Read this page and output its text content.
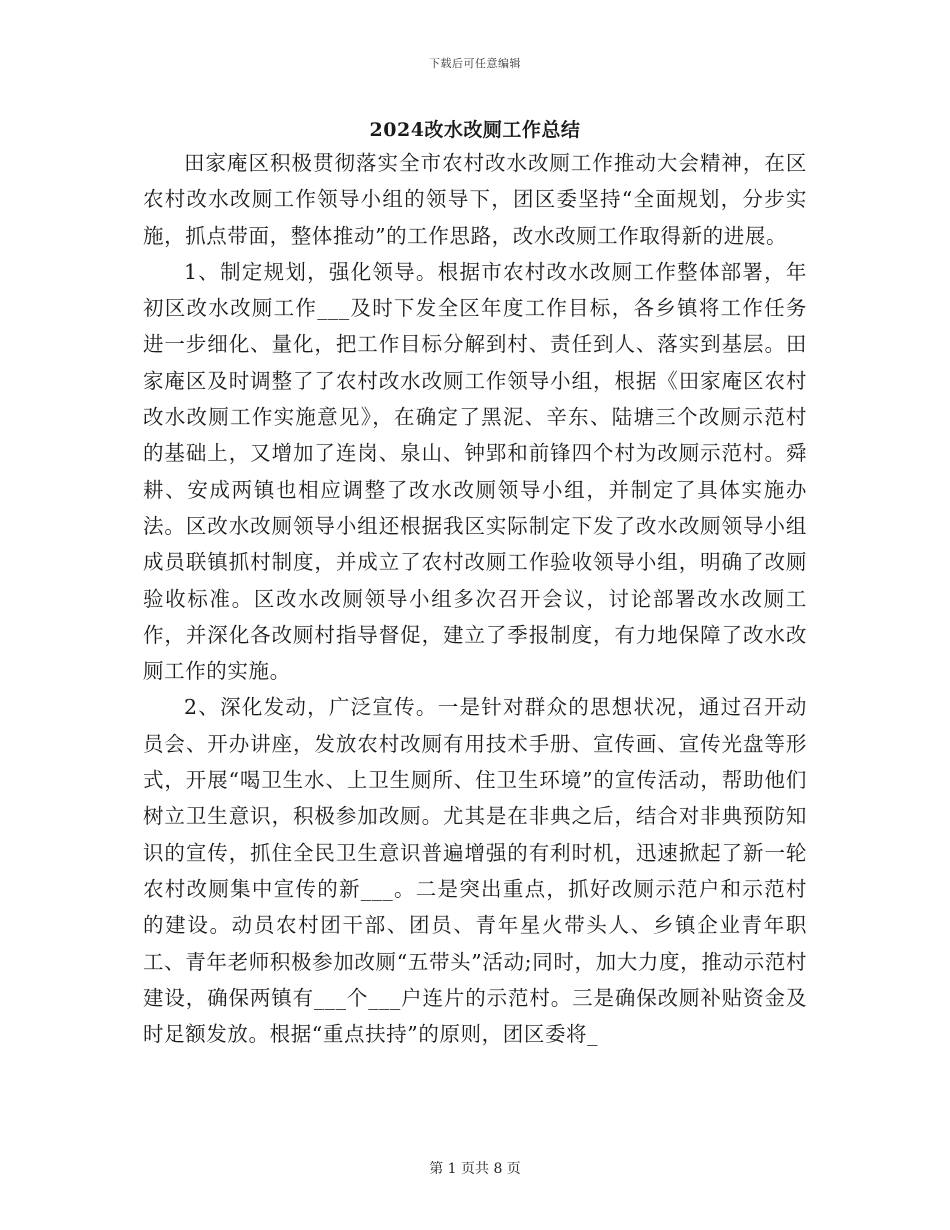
下载后可任意编辑
2024改水改厕工作总结

田家庵区积极贯彻落实全市农村改水改厕工作推动大会精神，在区农村改水改厕工作领导小组的领导下，团区委坚持“全面规划，分步实施，抓点带面，整体推动”的工作思路，改水改厕工作取得新的进展。

1、制定规划，强化领导。根据市农村改水改厕工作整体部署，年初区改水改厕工作___及时下发全区年度工作目标，各乡镇将工作任务进一步细化、量化，把工作目标分解到村、责任到人、落实到基层。田家庵区及时调整了了农村改水改厕工作领导小组，根据《田家庵区农村改水改厕工作实施意见》，在确定了黑泥、辛东、陆塘三个改厕示范村的基础上，又增加了连岗、泉山、钟郢和前锋四个村为改厕示范村。舜耕、安成两镇也相应调整了改水改厕领导小组，并制定了具体实施办法。区改水改厕领导小组还根据我区实际制定下发了改水改厕领导小组成员联镇抓村制度，并成立了农村改厕工作验收领导小组，明确了改厕验收标准。区改水改厕领导小组多次召开会议，讨论部署改水改厕工作，并深化各改厕村指导督促，建立了季报制度，有力地保障了改水改厕工作的实施。

2、深化发动，广泛宣传。一是针对群众的思想状况，通过召开动员会、开办讲座，发放农村改厕有用技术手册、宣传画、宣传光盘等形式，开展“喝卫生水、上卫生厕所、住卫生环境”的宣传活动，帮助他们树立卫生意识，积极参加改厕。尤其是在非典之后，结合对非典预防知识的宣传，抓住全民卫生意识普遍增强的有利时机，迅速掀起了新一轮农村改厕集中宣传的新___。二是突出重点，抓好改厕示范户和示范村的建设。动员农村团干部、团员、青年星火带头人、乡镇企业青年职工、青年老师积极参加改厕“五带头”活动;同时，加大力度，推动示范村建设，确保两镇有___个___户连片的示范村。三是确保改厕补贴资金及时足额发放。根据“重点扶持”的原则，团区委将_

第 1 页共 8 页
